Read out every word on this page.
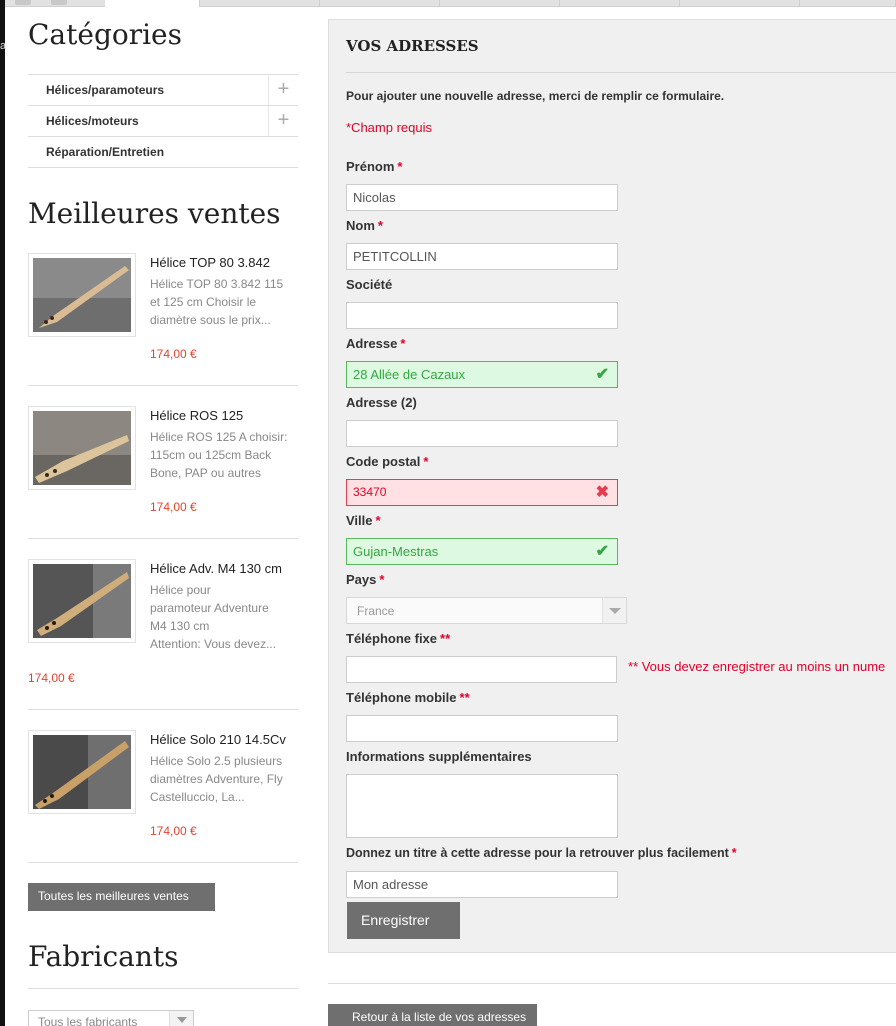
a Catégories
Hélices/paramoteurs	+
Hélices/moteurs	+
Réparation/Entretien
Meilleures ventes
Hélice TOP 80 3.842
Hélice TOP 80 3.842 115
et 125 cm Choisir le
diamètre sous le prix...
174,00 €
Hélice ROS 125
Hélice ROS 125 A choisir:
115cm ou 125cm Back
Bone, PAP ou autres
174,00 €
Hélice Adv. M4 130 cm
Hélice pour
paramoteur Adventure
M4 130 cm
Attention: Vous devez...
174,00 €
Hélice Solo 210 14.5Cv
Hélice Solo 2.5 plusieurs
diamètres Adventure, Fly
Castelluccio, La...
174,00 €
Toutes les meilleures ventes
Fabricants
Tous les fabricants
VOS ADRESSES

Pour ajouter une nouvelle adresse, merci de remplir ce formulaire.

*Champ requis

Prénom *
Nicolas
Nom *
PETITCOLLIN
Société
Adresse *
28 Allée de Cazaux	✔
Adresse (2)
Code postal *
33470	✖
Ville *
Gujan-Mestras	✔
Pays *
France
Téléphone fixe **
** Vous devez enregistrer au moins un nume
Téléphone mobile **
Informations supplémentaires
Donnez un titre à cette adresse pour la retrouver plus facilement *
Mon adresse
Enregistrer
Retour à la liste de vos adresses
